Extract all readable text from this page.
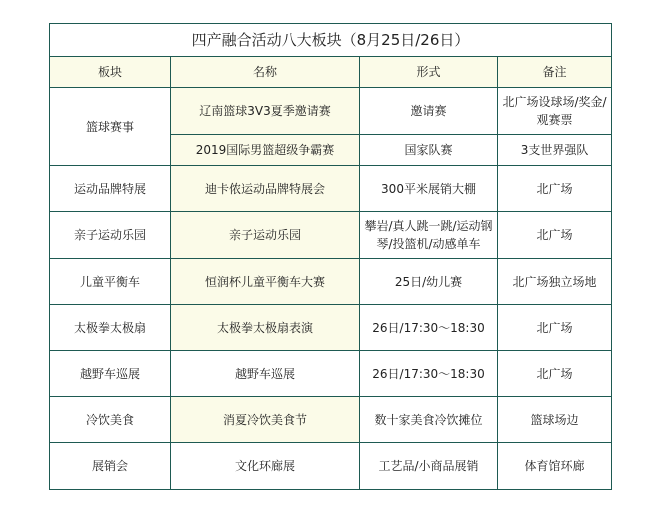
四产融合活动八大板块（8月25日/26日）			
板块	名称	形式	备注
篮球赛事	辽南篮球3V3夏季邀请赛	邀请赛	北广场设球场/奖金/观赛票
	2019国际男篮超级争霸赛	国家队赛	3支世界强队
运动品牌特展	迪卡侬运动品牌特展会	300平米展销大棚	北广场
亲子运动乐园	亲子运动乐园	攀岩/真人跳一跳/运动钢琴/投篮机/动感单车	北广场
儿童平衡车	恒润杯儿童平衡车大赛	25日/幼儿赛	北广场独立场地
太极拳太极扇	太极拳太极扇表演	26日/17:30～18:30	北广场
越野车巡展	越野车巡展	26日/17:30～18:30	北广场
冷饮美食	消夏冷饮美食节	数十家美食冷饮摊位	篮球场边
展销会	文化环廊展	工艺品/小商品展销	体育馆环廊
